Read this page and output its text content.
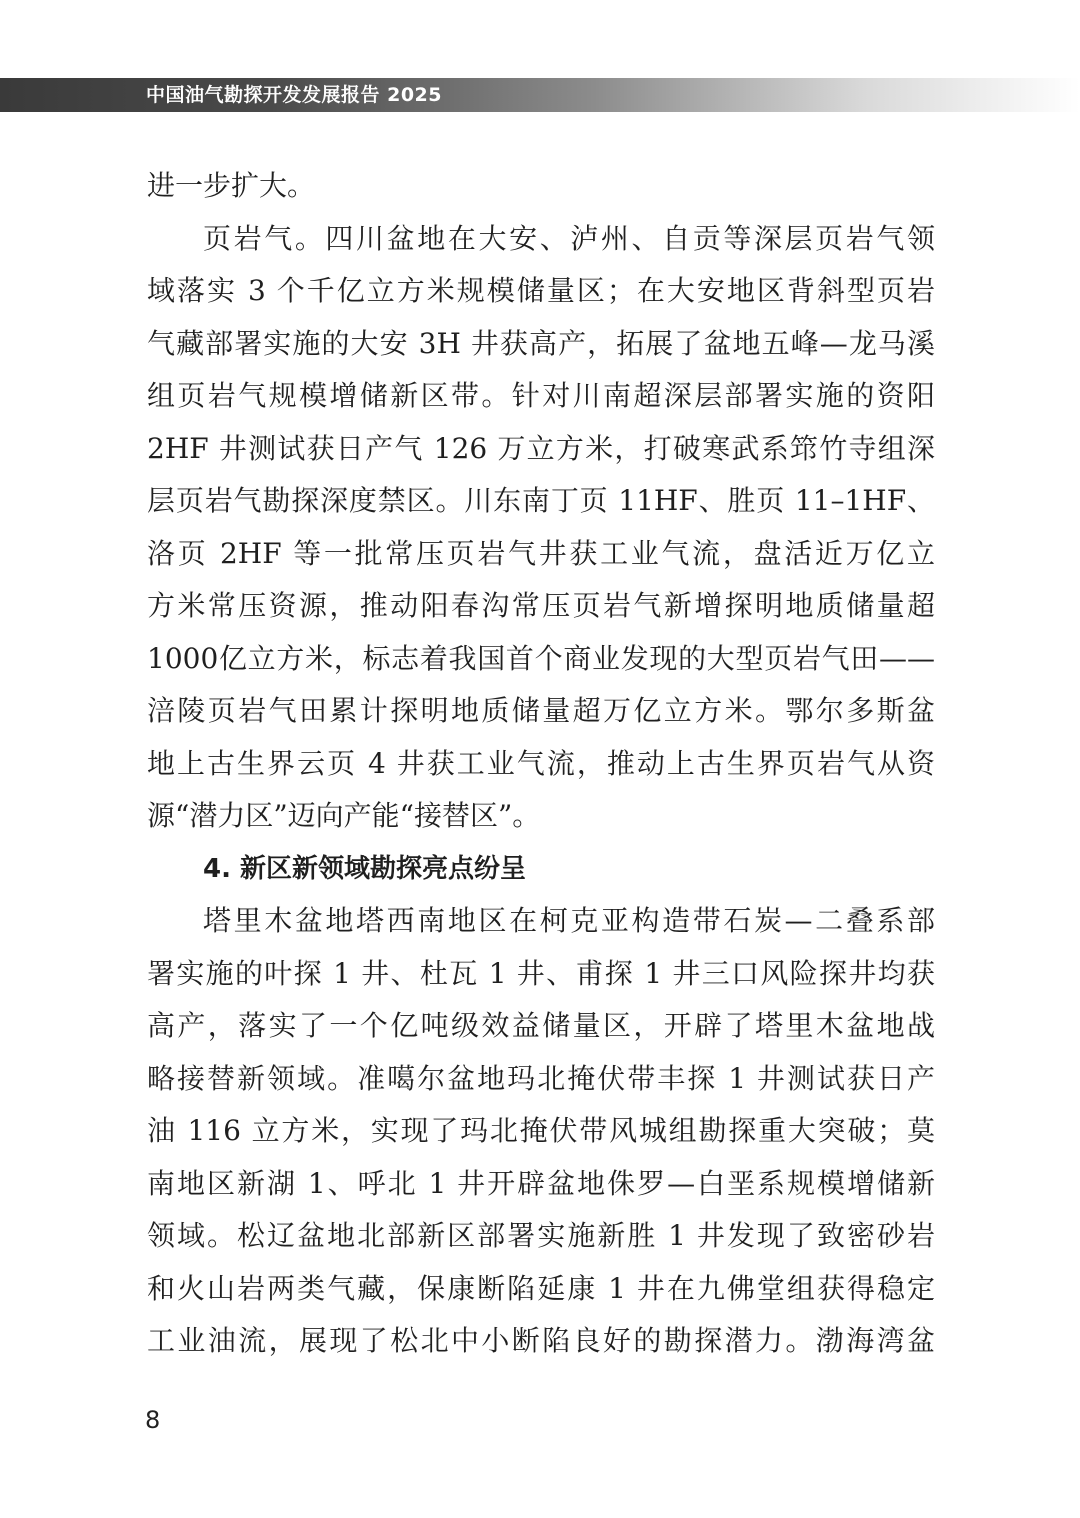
中国油气勘探开发发展报告 2025
进一步扩大。
页岩气。四川盆地在大安、泸州、自贡等深层页岩气领
域落实 3 个千亿立方米规模储量区；在大安地区背斜型页岩
气藏部署实施的大安 3H 井获高产，拓展了盆地五峰—龙马溪
组页岩气规模增储新区带。针对川南超深层部署实施的资阳
2HF 井测试获日产气 126 万立方米，打破寒武系筇竹寺组深
层页岩气勘探深度禁区。川东南丁页 11HF、胜页 11–1HF、
洛页 2HF 等一批常压页岩气井获工业气流，盘活近万亿立
方米常压资源，推动阳春沟常压页岩气新增探明地质储量超
1000亿立方米，标志着我国首个商业发现的大型页岩气田——
涪陵页岩气田累计探明地质储量超万亿立方米。鄂尔多斯盆
地上古生界云页 4 井获工业气流，推动上古生界页岩气从资
源“潜力区”迈向产能“接替区”。
4. 新区新领域勘探亮点纷呈
塔里木盆地塔西南地区在柯克亚构造带石炭—二叠系部
署实施的叶探 1 井、杜瓦 1 井、甫探 1 井三口风险探井均获
高产，落实了一个亿吨级效益储量区，开辟了塔里木盆地战
略接替新领域。准噶尔盆地玛北掩伏带丰探 1 井测试获日产
油 116 立方米，实现了玛北掩伏带风城组勘探重大突破；莫
南地区新湖 1、呼北 1 井开辟盆地侏罗—白垩系规模增储新
领域。松辽盆地北部新区部署实施新胜 1 井发现了致密砂岩
和火山岩两类气藏，保康断陷延康 1 井在九佛堂组获得稳定
工业油流，展现了松北中小断陷良好的勘探潜力。渤海湾盆
8
